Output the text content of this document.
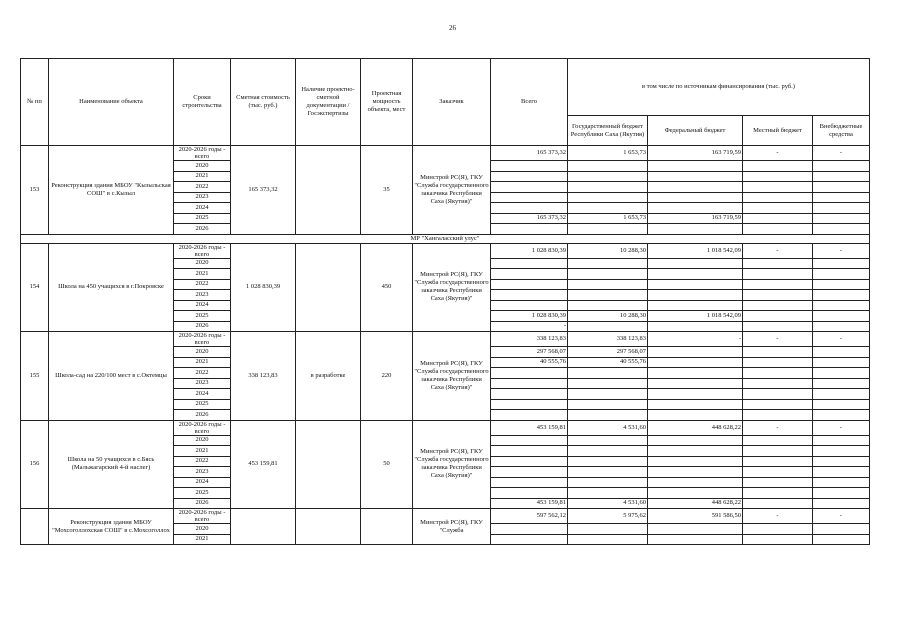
26
№ пп	Наименование объекта	Сроки строительства	Сметная стоимость (тыс. руб.)	Наличие проектно-сметной документации /Госэкспертизы	Проектная мощность объекта, мест	Заказчик	Всего	в том числе по источникам финансирования (тыс. руб.)			
								Государственный бюджет Республики Саха (Якутия)	Федеральный бюджет	Местный бюджет	Внебюджетные средства
153	Реконструкция здания МБОУ "Кызыльская СОШ" в с.Кызыл	2020-2026 годы - всего	165 373,32		35	Минстрой РС(Я), ГКУ "Служба государственного заказчика Республики Саха (Якутия)"	165 373,32	1 653,73	163 719,59	-	-
		2020									
		2021									
		2022									
		2023									
		2024									
		2025					165 373,32	1 653,73	163 719,59		
		2026									
МР "Хангаласский улус"											
154	Школа на 450 учащихся в г.Покровске	2020-2026 годы - всего	1 028 830,39		450	Минстрой РС(Я), ГКУ "Служба государственного заказчика Республики Саха (Якутия)"	1 028 830,39	10 288,30	1 018 542,09	-	-
		2020									
		2021									
		2022									
		2023									
		2024									
		2025					1 028 830,39	10 288,30	1 018 542,09		
		2026					-				
155	Школа-сад на 220/100 мест в с.Октемцы	2020-2026 годы - всего	338 123,83	в разработке	220	Минстрой РС(Я), ГКУ "Служба государственного заказчика Республики Саха (Якутия)"	338 123,83	338 123,83	-	-	-
		2020					297 568,07	297 568,07			
		2021					40 555,76	40 555,76			
		2022									
		2023									
		2024									
		2025									
		2026									
156	Школа на 50 учащихся в с.Бясь (Мальжагарский 4-й наслег)	2020-2026 годы - всего	453 159,81		50	Минстрой РС(Я), ГКУ "Служба государственного заказчика Республики Саха (Якутия)"	453 159,81	4 531,60	448 628,22	-	-
		2020									
		2021									
		2022									
		2023									
		2024									
		2025									
		2026					453 159,81	4 531,60	448 628,22		
	Реконструкция здания МБОУ "Мохсоголлохская СОШ" в с.Мохсоголлох	2020-2026 годы - всего				Минстрой РС(Я), ГКУ "Служба	597 562,12	5 975,62	591 586,50	-	-
		2020									
		2021									
